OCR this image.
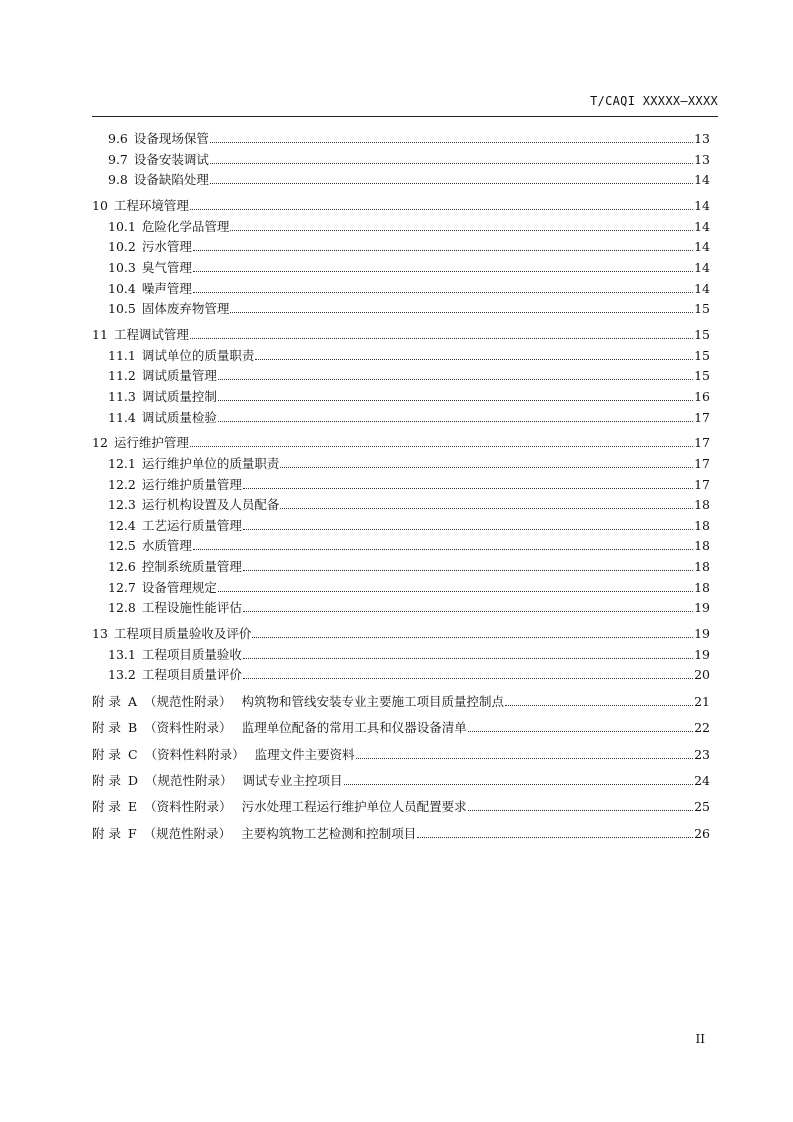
T/CAQI XXXXX—XXXX
9.6 设备现场保管	13
9.7 设备安装调试	13
9.8 设备缺陷处理	14
10 工程环境管理	14
10.1 危险化学品管理	14
10.2 污水管理	14
10.3 臭气管理	14
10.4 噪声管理	14
10.5 固体废弃物管理	15
11 工程调试管理	15
11.1 调试单位的质量职责	15
11.2 调试质量管理	15
11.3 调试质量控制	16
11.4 调试质量检验	17
12 运行维护管理	17
12.1 运行维护单位的质量职责	17
12.2 运行维护质量管理	17
12.3 运行机构设置及人员配备	18
12.4 工艺运行质量管理	18
12.5 水质管理	18
12.6 控制系统质量管理	18
12.7 设备管理规定	18
12.8 工程设施性能评估	19
13 工程项目质量验收及评价	19
13.1 工程项目质量验收	19
13.2 工程项目质量评价	20
附 录 A （规范性附录） 构筑物和管线安装专业主要施工项目质量控制点	21
附 录 B （资料性附录） 监理单位配备的常用工具和仪器设备清单	22
附 录 C （资料性料附录） 监理文件主要资料	23
附 录 D （规范性附录） 调试专业主控项目	24
附 录 E （资料性附录） 污水处理工程运行维护单位人员配置要求	25
附 录 F （规范性附录） 主要构筑物工艺检测和控制项目	26
II
